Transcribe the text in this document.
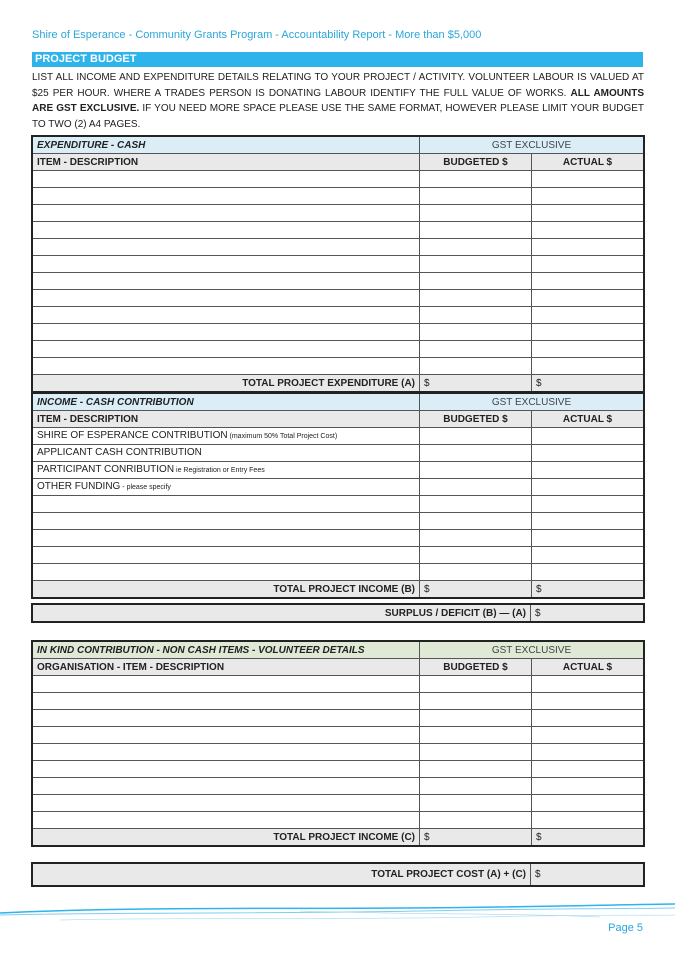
Shire of Esperance - Community Grants Program - Accountability Report - More than $5,000
PROJECT BUDGET
LIST ALL INCOME AND EXPENDITURE DETAILS RELATING TO YOUR PROJECT / ACTIVITY. VOLUNTEER LABOUR IS VALUED AT $25 PER HOUR. WHERE A TRADES PERSON IS DONATING LABOUR IDENTIFY THE FULL VALUE OF WORKS. ALL AMOUNTS ARE GST EXCLUSIVE. IF YOU NEED MORE SPACE PLEASE USE THE SAME FORMAT, HOWEVER PLEASE LIMIT YOUR BUDGET TO TWO (2) A4 PAGES.
EXPENDITURE - CASH	GST EXCLUSIVE	
ITEM - DESCRIPTION	BUDGETED $	ACTUAL $

TOTAL PROJECT EXPENDITURE (A)	$	$
INCOME - CASH CONTRIBUTION	GST EXCLUSIVE	
ITEM - DESCRIPTION	BUDGETED $	ACTUAL $
SHIRE OF ESPERANCE CONTRIBUTION (maximum 50% Total Project Cost)		
APPLICANT CASH CONTRIBUTION		
PARTICIPANT CONRIBUTION ie Registration or Entry Fees		
OTHER FUNDING - please specify		

TOTAL PROJECT INCOME (B)	$	$
SURPLUS / DEFICIT (B) — (A)	$
IN KIND CONTRIBUTION - NON CASH ITEMS - VOLUNTEER DETAILS	GST EXCLUSIVE	
ORGANISATION - ITEM - DESCRIPTION	BUDGETED $	ACTUAL $

TOTAL PROJECT INCOME (C)	$	$
TOTAL PROJECT COST (A) + (C)	$
Page 5
